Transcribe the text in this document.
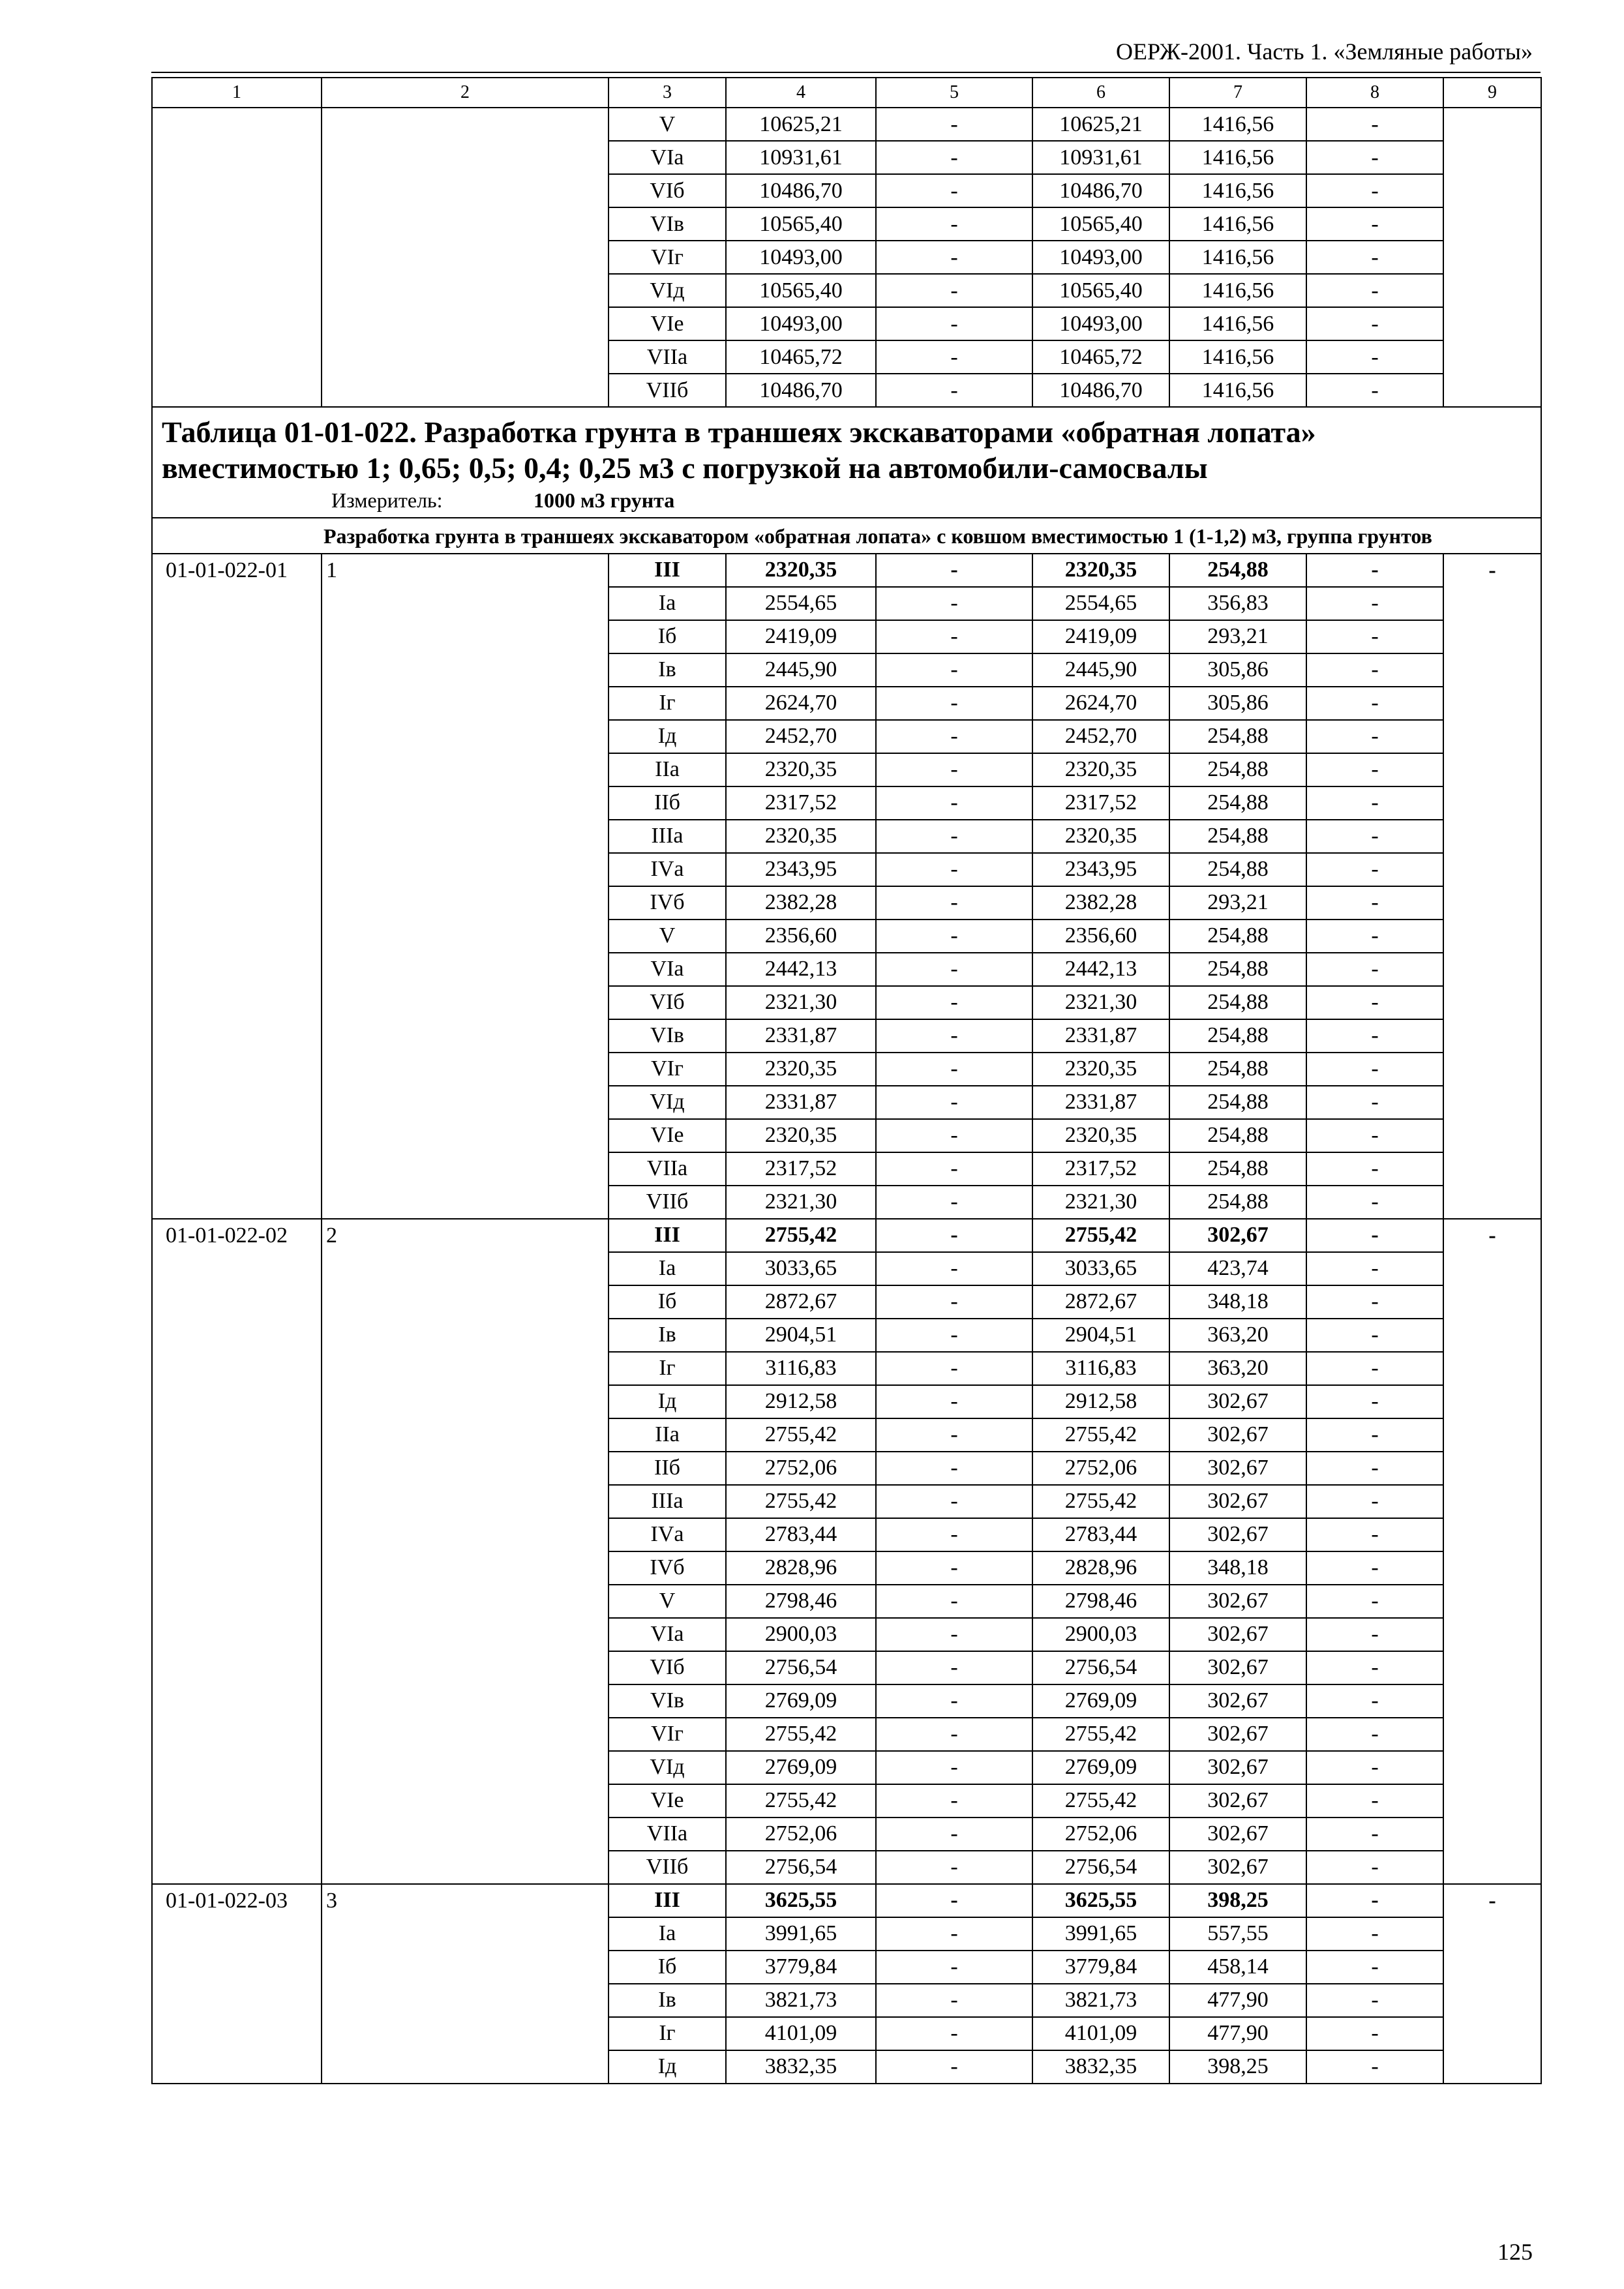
ОЕРЖ-2001. Часть 1. «Земляные работы»
1	2	3	4	5	6	7	8	9
		V	10625,21	-	10625,21	1416,56	-	
		VIа	10931,61	-	10931,61	1416,56	-	
		VIб	10486,70	-	10486,70	1416,56	-	
		VIв	10565,40	-	10565,40	1416,56	-	
		VIг	10493,00	-	10493,00	1416,56	-	
		VIд	10565,40	-	10565,40	1416,56	-	
		VIе	10493,00	-	10493,00	1416,56	-	
		VIIа	10465,72	-	10465,72	1416,56	-	
		VIIб	10486,70	-	10486,70	1416,56	-	

Таблица 01-01-022. Разработка грунта в траншеях экскаваторами «обратная лопата»
вместимостью 1; 0,65; 0,5; 0,4; 0,25 м3 с погрузкой на автомобили-самосвалы
Измеритель: 1000 м3 грунта								

Разработка грунта в траншеях экскаватором «обратная лопата» с ковшом вместимостью 1 (1-1,2) м3, группа грунтов								
01-01-022-01	1	III	2320,35	-	2320,35	254,88	-	-
		Iа	2554,65	-	2554,65	356,83	-	
		Iб	2419,09	-	2419,09	293,21	-	
		Iв	2445,90	-	2445,90	305,86	-	
		Iг	2624,70	-	2624,70	305,86	-	
		Iд	2452,70	-	2452,70	254,88	-	
		IIа	2320,35	-	2320,35	254,88	-	
		IIб	2317,52	-	2317,52	254,88	-	
		IIIа	2320,35	-	2320,35	254,88	-	
		IVа	2343,95	-	2343,95	254,88	-	
		IVб	2382,28	-	2382,28	293,21	-	
		V	2356,60	-	2356,60	254,88	-	
		VIа	2442,13	-	2442,13	254,88	-	
		VIб	2321,30	-	2321,30	254,88	-	
		VIв	2331,87	-	2331,87	254,88	-	
		VIг	2320,35	-	2320,35	254,88	-	
		VIд	2331,87	-	2331,87	254,88	-	
		VIе	2320,35	-	2320,35	254,88	-	
		VIIа	2317,52	-	2317,52	254,88	-	
		VIIб	2321,30	-	2321,30	254,88	-	
01-01-022-02	2	III	2755,42	-	2755,42	302,67	-	-
		Iа	3033,65	-	3033,65	423,74	-	
		Iб	2872,67	-	2872,67	348,18	-	
		Iв	2904,51	-	2904,51	363,20	-	
		Iг	3116,83	-	3116,83	363,20	-	
		Iд	2912,58	-	2912,58	302,67	-	
		IIа	2755,42	-	2755,42	302,67	-	
		IIб	2752,06	-	2752,06	302,67	-	
		IIIа	2755,42	-	2755,42	302,67	-	
		IVа	2783,44	-	2783,44	302,67	-	
		IVб	2828,96	-	2828,96	348,18	-	
		V	2798,46	-	2798,46	302,67	-	
		VIа	2900,03	-	2900,03	302,67	-	
		VIб	2756,54	-	2756,54	302,67	-	
		VIв	2769,09	-	2769,09	302,67	-	
		VIг	2755,42	-	2755,42	302,67	-	
		VIд	2769,09	-	2769,09	302,67	-	
		VIе	2755,42	-	2755,42	302,67	-	
		VIIа	2752,06	-	2752,06	302,67	-	
		VIIб	2756,54	-	2756,54	302,67	-	
01-01-022-03	3	III	3625,55	-	3625,55	398,25	-	-
		Iа	3991,65	-	3991,65	557,55	-	
		Iб	3779,84	-	3779,84	458,14	-	
		Iв	3821,73	-	3821,73	477,90	-	
		Iг	4101,09	-	4101,09	477,90	-	
		Iд	3832,35	-	3832,35	398,25	-	
125
